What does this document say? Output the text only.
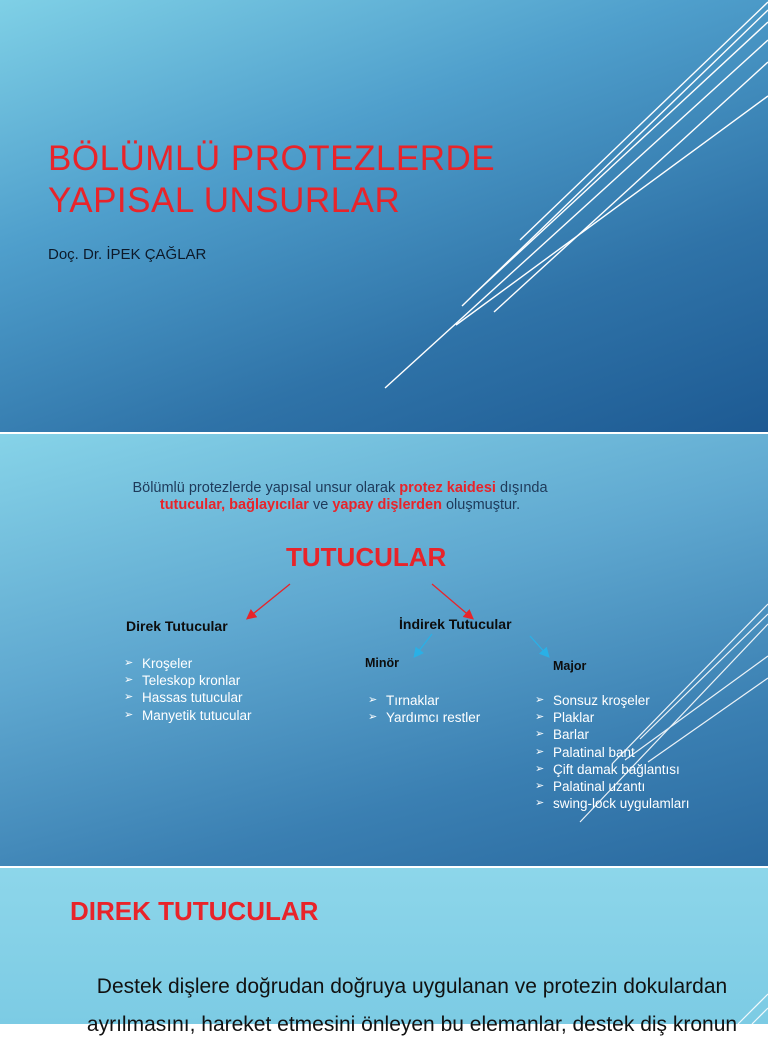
BÖLÜMLÜ PROTEZLERDE
YAPISAL UNSURLAR
Doç. Dr. İPEK ÇAĞLAR
Bölümlü protezlerde yapısal unsur olarak protez kaidesi dışında
tutucular, bağlayıcılar ve yapay dişlerden oluşmuştur.
TUTUCULAR
Direk Tutucular	İndirek Tutucular
Minör	Major
➢ Kroşeler
➢ Teleskop kronlar
➢ Hassas tutucular
➢ Manyetik tutucular
➢ Tırnaklar
➢ Yardımcı restler
➢ Sonsuz kroşeler
➢ Plaklar
➢ Barlar
➢ Palatinal bant
➢ Çift damak bağlantısı
➢ Palatinal uzantı
➢ swing-lock uygulamları
DIREK TUTUCULAR
Destek dişlere doğrudan doğruya uygulanan ve protezin dokulardan
ayrılmasını, hareket etmesini önleyen bu elemanlar, destek diş kronun
